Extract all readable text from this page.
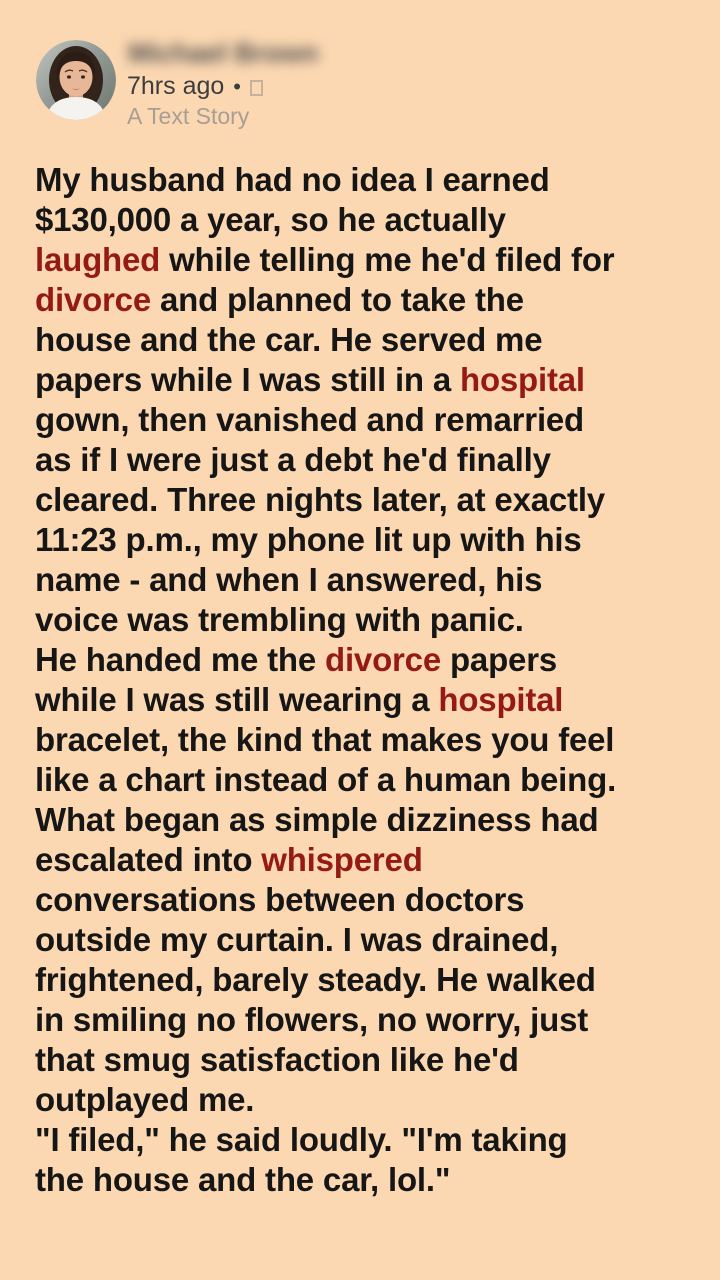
Michael Brown
7hrs ago •
A Text Story
My husband had no idea I earned
$130,000 a year, so he actually
laughed while telling me he'd filed for
divorce and planned to take the
house and the car. He served me
papers while I was still in a hospital
gown, then vanished and remarried
as if I were just a debt he'd finally
cleared. Three nights later, at exactly
11:23 p.m., my phone lit up with his
name - and when I answered, his
voice was trembling with paпic.
He handed me the divorce papers
while I was still wearing a hospital
bracelet, the kind that makes you feel
like a chart instead of a human being.
What began as simple dizziness had
escalated into whispered
conversations between doctors
outside my curtain. I was drained,
frightened, barely steady. He walked
in smiling no flowers, no worry, just
that smug satisfaction like he'd
outplayed me.
"I filed," he said loudly. "I'm taking
the house and the car, lol."
